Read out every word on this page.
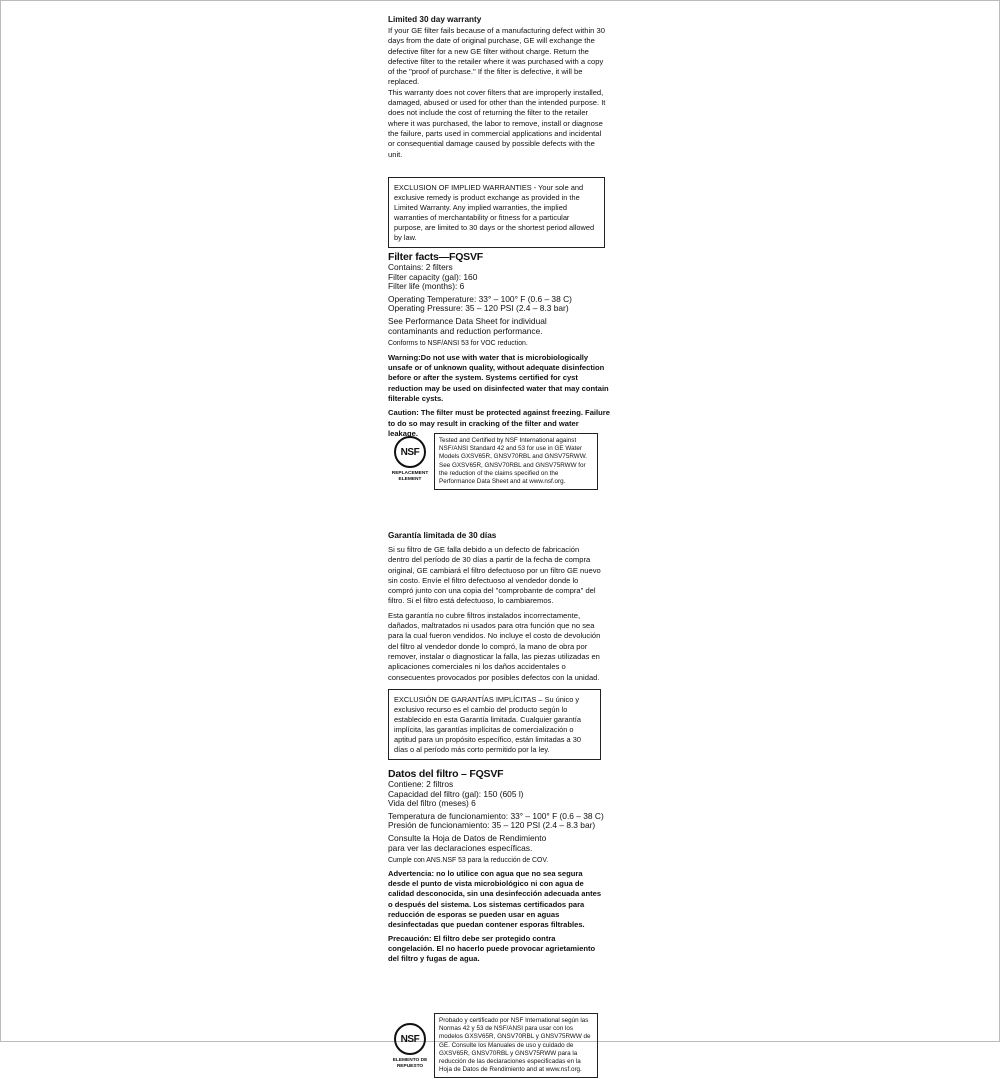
Limited 30 day warranty

If your GE filter fails because of a manufacturing defect within 30 days from the date of original purchase, GE will exchange the defective filter for a new GE filter without charge. Return the defective filter to the retailer where it was purchased with a copy of the "proof of purchase." If the filter is defective, it will be replaced.

This warranty does not cover filters that are improperly installed, damaged, abused or used for other than the intended purpose. It does not include the cost of returning the filter to the retailer where it was purchased, the labor to remove, install or diagnose the failure, parts used in commercial applications and incidental or consequential damage caused by possible defects with the unit.

EXCLUSION OF IMPLIED WARRANTIES - Your sole and exclusive remedy is product exchange as provided in the Limited Warranty. Any implied warranties, the implied warranties of merchantability or fitness for a particular purpose, are limited to 30 days or the shortest period allowed by law.

Filter facts—FQSVF

Contains: 2 filters

Filter capacity (gal): 160

Filter life (months): 6

Operating Temperature: 33° – 100° F (0.6 – 38 C)

Operating Pressure: 35 – 120 PSI (2.4 – 8.3 bar)

See Performance Data Sheet for individual contaminants and reduction performance.

Conforms to NSF/ANSI 53 for VOC reduction.

Warning:Do not use with water that is microbiologically unsafe or of unknown quality, without adequate disinfection before or after the system. Systems certified for cyst reduction may be used on disinfected water that may contain filterable cysts.

Caution: The filter must be protected against freezing. Failure to do so may result in cracking of the filter and water leakage.

NSF
REPLACEMENT ELEMENT

Tested and Certified by NSF International against NSF/ANSI Standard 42 and 53 for use in GE Water Models GXSV65R, GNSV70RBL and GNSV75RWW. See GXSV65R, GNSV70RBL and GNSV75RWW for the reduction of the claims specified on the Performance Data Sheet and at www.nsf.org.

Garantía limitada de 30 días

Si su filtro de GE falla debido a un defecto de fabricación dentro del período de 30 días a partir de la fecha de compra original, GE cambiará el filtro defectuoso por un filtro GE nuevo sin costo. Envíe el filtro defectuoso al vendedor donde lo compró junto con una copia del "comprobante de compra" del filtro. Si el filtro está defectuoso, lo cambiaremos.

Esta garantía no cubre filtros instalados incorrectamente, dañados, maltratados ni usados para otra función que no sea para la cual fueron vendidos. No incluye el costo de devolución del filtro al vendedor donde lo compró, la mano de obra por remover, instalar o diagnosticar la falla, las piezas utilizadas en aplicaciones comerciales ni los daños accidentales o consecuentes provocados por posibles defectos con la unidad.

EXCLUSIÓN DE GARANTÍAS IMPLÍCITAS – Su único y exclusivo recurso es el cambio del producto según lo establecido en esta Garantía limitada. Cualquier garantía implícita, las garantías implícitas de comercialización o aptitud para un propósito específico, están limitadas a 30 días o al período más corto permitido por la ley.

Datos del filtro – FQSVF

Contiene: 2 filtros

Capacidad del filtro (gal): 150 (605 l)

Vida del filtro (meses) 6

Temperatura de funcionamiento: 33° – 100° F (0.6 – 38 C)

Presión de funcionamiento: 35 – 120 PSI (2.4 – 8.3 bar)

Consulte la Hoja de Datos de Rendimiento para ver las declaraciones específicas.

Cumple con ANS.NSF 53 para la reducción de COV.

Advertencia: no lo utilice con agua que no sea segura desde el punto de vista microbiológico ni con agua de calidad desconocida, sin una desinfección adecuada antes o después del sistema. Los sistemas certificados para reducción de esporas se pueden usar en aguas desinfectadas que puedan contener esporas filtrables.

Precaución: El filtro debe ser protegido contra congelación. El no hacerlo puede provocar agrietamiento del filtro y fugas de agua.

NSF
ELEMENTO DE REPUESTO

Probado y certificado por NSF International según las Normas 42 y 53 de NSF/ANSI para usar con los modelos GXSV65R, GNSV70RBL y GNSV75RWW de GE. Consulte los Manuales de uso y cuidado de GXSV65R, GNSV70RBL y GNSV75RWW para la reducción de las declaraciones especificadas en la Hoja de Datos de Rendimiento and at www.nsf.org.
